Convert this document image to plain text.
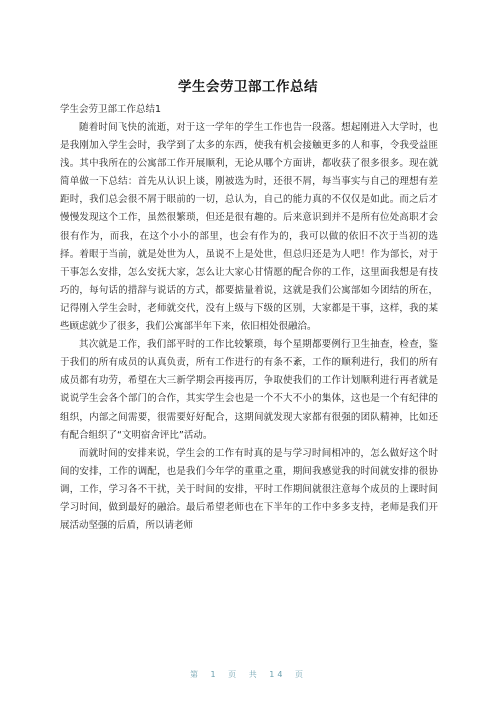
学生会劳卫部工作总结

学生会劳卫部工作总结1

随着时间飞快的流逝，对于这一学年的学生工作也告一段落。想起刚进入大学时，也是我刚加入学生会时，我学到了太多的东西，使我有机会接触更多的人和事，令我受益匪浅。其中我所在的公寓部工作开展顺利，无论从哪个方面讲，都收获了很多很多。现在就简单做一下总结：首先从认识上谈，刚被选为时，还很不屑，每当事实与自己的理想有差距时，我们总会很不屑于眼前的一切，总认为，自己的能力真的不仅仅是如此。而之后才慢慢发现这个工作，虽然很繁琐，但还是很有趣的。后来意识到并不是所有位处高职才会很有作为，而我，在这个小小的部里，也会有作为的，我可以做的依旧不次于当初的选择。着眼于当前，就是处世为人，虽说不上是处世，但总归还是为人吧！作为部长，对于干事怎么安排，怎么安抚大家，怎么让大家心甘情愿的配合你的工作，这里面我想是有技巧的，每句话的措辞与说话的方式，都要掂量着说，这就是我们公寓部如今团结的所在，记得刚入学生会时，老师就交代，没有上级与下级的区别，大家都是干事，这样，我的某些顾虑就少了很多，我们公寓部半年下来，依旧相处很融洽。

其次就是工作，我们部平时的工作比较繁琐，每个星期都要例行卫生抽查，检查，鉴于我们的所有成员的认真负责，所有工作进行的有条不紊，工作的顺利进行，我们的所有成员都有功劳，希望在大三新学期会再接再厉，争取使我们的工作计划顺利进行再者就是说说学生会各个部门的合作，其实学生会也是一个不大不小的集体，这也是一个有纪律的组织，内部之间需要，很需要好好配合，这期间就发现大家都有很强的团队精神，比如还有配合组织了“文明宿舍评比”活动。

而就时间的安排来说，学生会的工作有时真的是与学习时间相冲的，怎么做好这个时间的安排，工作的调配，也是我们今年学的重重之重，期间我感觉我的时间就安排的很协调，工作，学习各不干扰，关于时间的安排，平时工作期间就很注意每个成员的上课时间学习时间，做到最好的融洽。最后希望老师也在下半年的工作中多多支持，老师是我们开展活动坚强的后盾，所以请老师

第 1 页 共 14 页
